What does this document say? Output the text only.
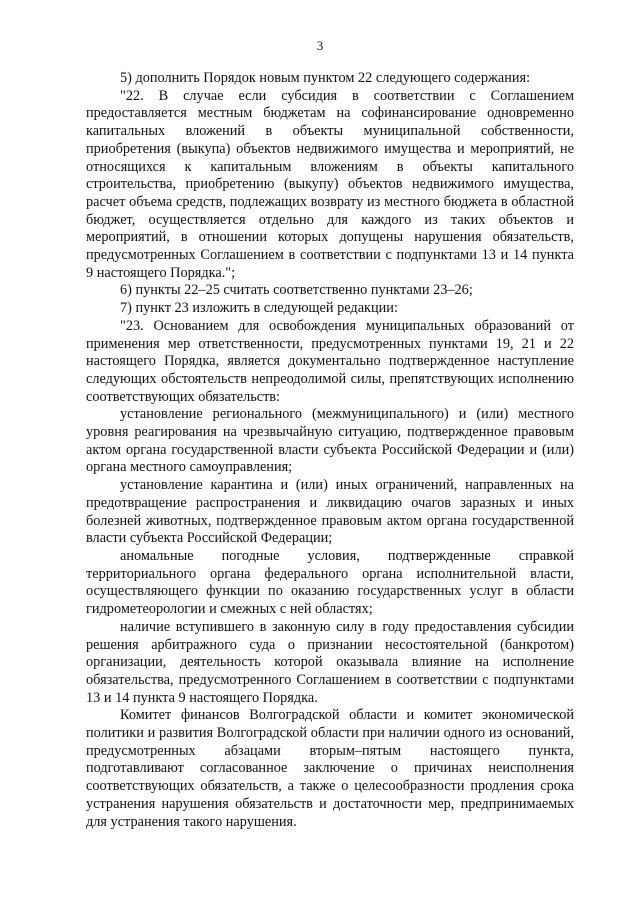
3

5) дополнить Порядок новым пунктом 22 следующего содержания:

"22. В случае если субсидия в соответствии с Соглашением предоставляется местным бюджетам на софинансирование одновременно капитальных вложений в объекты муниципальной собственности, приобретения (выкупа) объектов недвижимого имущества и мероприятий, не относящихся к капитальным вложениям в объекты капитального строительства, приобретению (выкупу) объектов недвижимого имущества, расчет объема средств, подлежащих возврату из местного бюджета в областной бюджет, осуществляется отдельно для каждого из таких объектов и мероприятий, в отношении которых допущены нарушения обязательств, предусмотренных Соглашением в соответствии с подпунктами 13 и 14 пункта 9 настоящего Порядка.";

6) пункты 22–25 считать соответственно пунктами 23–26;

7) пункт 23 изложить в следующей редакции:

"23. Основанием для освобождения муниципальных образований от применения мер ответственности, предусмотренных пунктами 19, 21 и 22 настоящего Порядка, является документально подтвержденное наступление следующих обстоятельств непреодолимой силы, препятствующих исполнению соответствующих обязательств:

установление регионального (межмуниципального) и (или) местного уровня реагирования на чрезвычайную ситуацию, подтвержденное правовым актом органа государственной власти субъекта Российской Федерации и (или) органа местного самоуправления;

установление карантина и (или) иных ограничений, направленных на предотвращение распространения и ликвидацию очагов заразных и иных болезней животных, подтвержденное правовым актом органа государственной власти субъекта Российской Федерации;

аномальные погодные условия, подтвержденные справкой территориального органа федерального органа исполнительной власти, осуществляющего функции по оказанию государственных услуг в области гидрометеорологии и смежных с ней областях;

наличие вступившего в законную силу в году предоставления субсидии решения арбитражного суда о признании несостоятельной (банкротом) организации, деятельность которой оказывала влияние на исполнение обязательства, предусмотренного Соглашением в соответствии с подпунктами 13 и 14 пункта 9 настоящего Порядка.

Комитет финансов Волгоградской области и комитет экономической политики и развития Волгоградской области при наличии одного из оснований, предусмотренных абзацами вторым–пятым настоящего пункта, подготавливают согласованное заключение о причинах неисполнения соответствующих обязательств, а также о целесообразности продления срока устранения нарушения обязательств и достаточности мер, предпринимаемых для устранения такого нарушения.
